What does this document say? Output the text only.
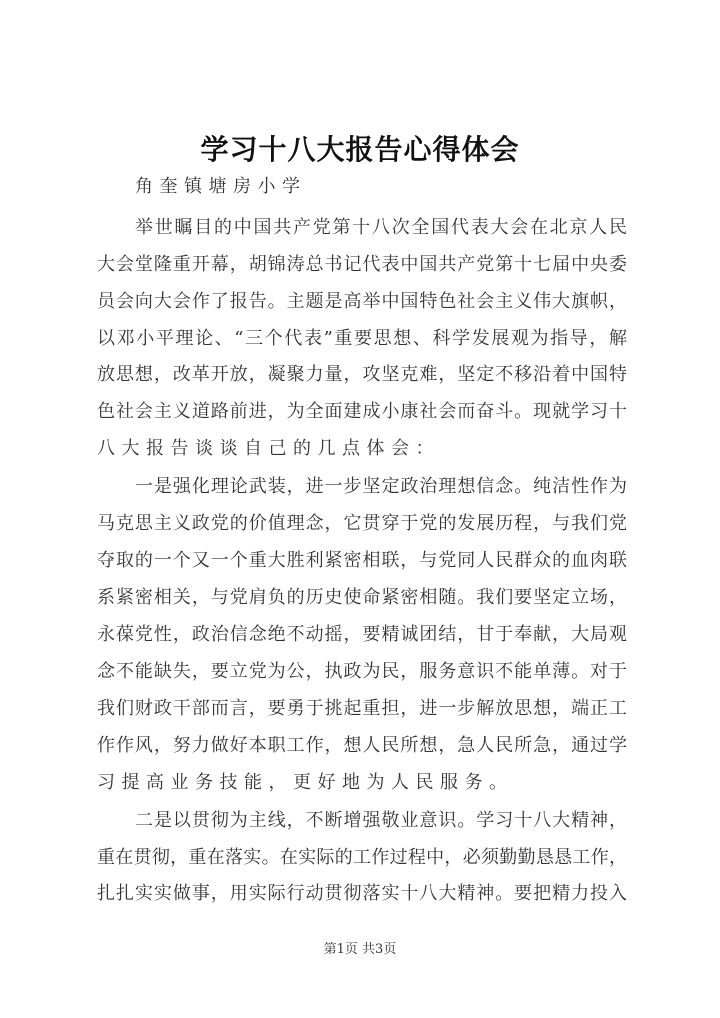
学习十八大报告心得体会
角奎镇塘房小学
举世瞩目的中国共产党第十八次全国代表大会在北京人民
大会堂隆重开幕，胡锦涛总书记代表中国共产党第十七届中央委
员会向大会作了报告。主题是高举中国特色社会主义伟大旗帜，
以邓小平理论、“三个代表”重要思想、科学发展观为指导，解
放思想，改革开放，凝聚力量，攻坚克难，坚定不移沿着中国特
色社会主义道路前进，为全面建成小康社会而奋斗。现就学习十
八大报告谈谈自己的几点体会：
一是强化理论武装，进一步坚定政治理想信念。纯洁性作为
马克思主义政党的价值理念，它贯穿于党的发展历程，与我们党
夺取的一个又一个重大胜利紧密相联，与党同人民群众的血肉联
系紧密相关，与党肩负的历史使命紧密相随。我们要坚定立场，
永葆党性，政治信念绝不动摇，要精诚团结，甘于奉献，大局观
念不能缺失，要立党为公，执政为民，服务意识不能单薄。对于
我们财政干部而言，要勇于挑起重担，进一步解放思想，端正工
作作风，努力做好本职工作，想人民所想，急人民所急，通过学
习提高业务技能，更好地为人民服务。
二是以贯彻为主线，不断增强敬业意识。学习十八大精神，
重在贯彻，重在落实。在实际的工作过程中，必须勤勤恳恳工作，
扎扎实实做事，用实际行动贯彻落实十八大精神。要把精力投入
第1页 共3页
